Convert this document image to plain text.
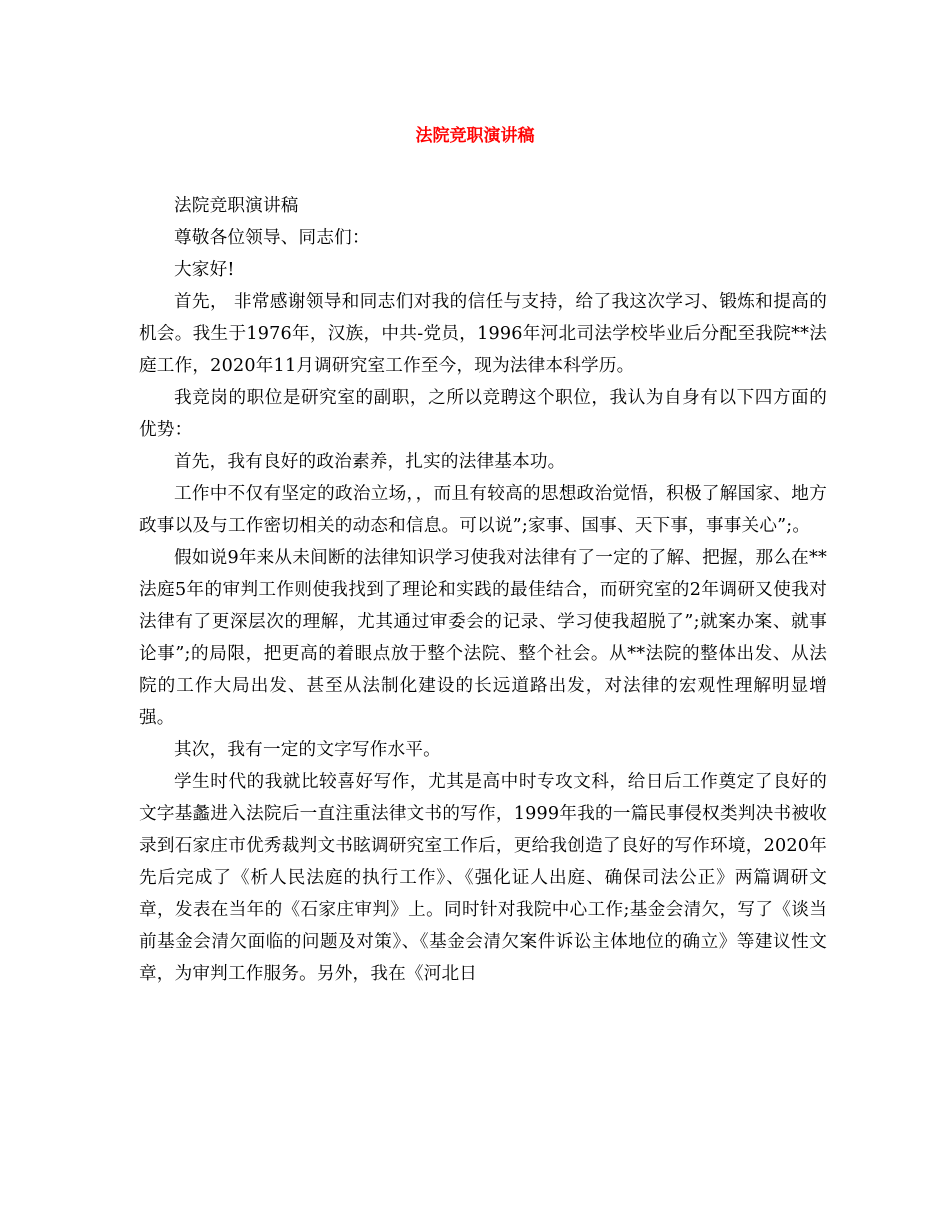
法院竞职演讲稿

法院竞职演讲稿

尊敬各位领导、同志们：

大家好!

首先， 非常感谢领导和同志们对我的信任与支持，给了我这次学习、锻炼和提高的机会。我生于1976年，汉族，中共-党员，1996年河北司法学校毕业后分配至我院**法庭工作，2020年11月调研究室工作至今，现为法律本科学历。

我竞岗的职位是研究室的副职，之所以竞聘这个职位，我认为自身有以下四方面的优势：

首先，我有良好的政治素养，扎实的法律基本功。

工作中不仅有坚定的政治立场，，而且有较高的思想政治觉悟，积极了解国家、地方政事以及与工作密切相关的动态和信息。可以说”;家事、国事、天下事，事事关心”;。

假如说9年来从未间断的法律知识学习使我对法律有了一定的了解、把握，那么在**法庭5年的审判工作则使我找到了理论和实践的最佳结合，而研究室的2年调研又使我对法律有了更深层次的理解，尤其通过审委会的记录、学习使我超脱了”;就案办案、就事论事”;的局限，把更高的着眼点放于整个法院、整个社会。从**法院的整体出发、从法院的工作大局出发、甚至从法制化建设的长远道路出发，对法律的宏观性理解明显增强。

其次，我有一定的文字写作水平。

学生时代的我就比较喜好写作，尤其是高中时专攻文科，给日后工作奠定了良好的文字基蠡进入法院后一直注重法律文书的写作，1999年我的一篇民事侵权类判决书被收录到石家庄市优秀裁判文书眩调研究室工作后，更给我创造了良好的写作环境，2020年先后完成了《析人民法庭的执行工作》、《强化证人出庭、确保司法公正》两篇调研文章，发表在当年的《石家庄审判》上。同时针对我院中心工作;基金会清欠，写了《谈当前基金会清欠面临的问题及对策》、《基金会清欠案件诉讼主体地位的确立》等建议性文章，为审判工作服务。另外，我在《河北日
